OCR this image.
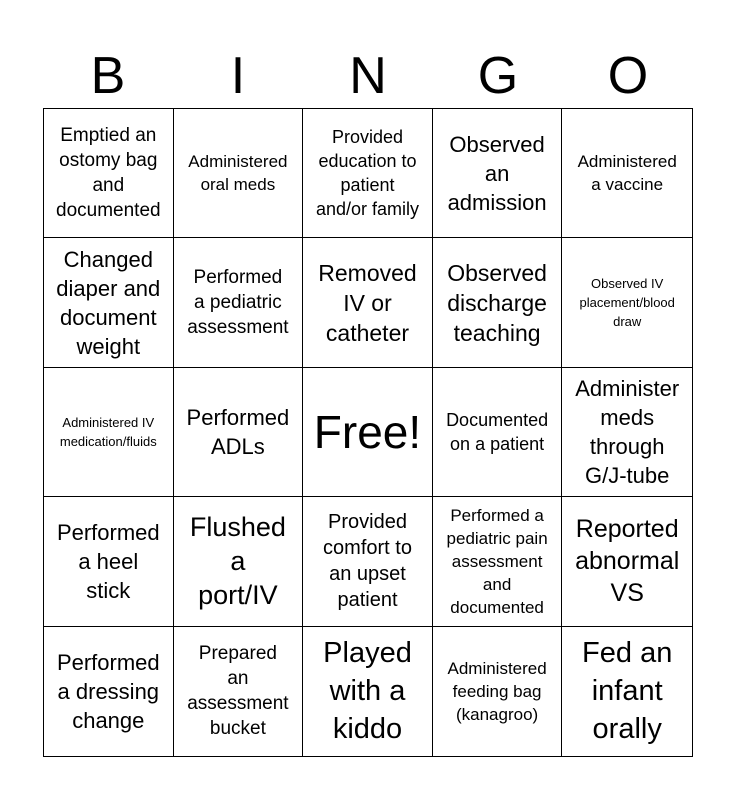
B	I	N	G	O
Emptied an
ostomy bag
and
documented
Administered
oral meds
Provided
education to
patient
and/or family
Observed
an
admission
Administered
a vaccine
Changed
diaper and
document
weight
Performed
a pediatric
assessment
Removed
IV or
catheter
Observed
discharge
teaching
Observed IV
placement/blood
draw
Administered IV
medication/fluids
Performed
ADLs	Free! Documented
on a patient
Administer
meds
through
G/J-tube
Performed
a heel
stick
Flushed
a
port/IV
Provided
comfort to
an upset
patient
Performed a
pediatric pain
assessment
and
documented
Reported
abnormal
VS
Performed
a dressing
change
Prepared
an
assessment
bucket
Played
with a
kiddo
Administered
feeding bag
(kanagroo)
Fed an
infant
orally
